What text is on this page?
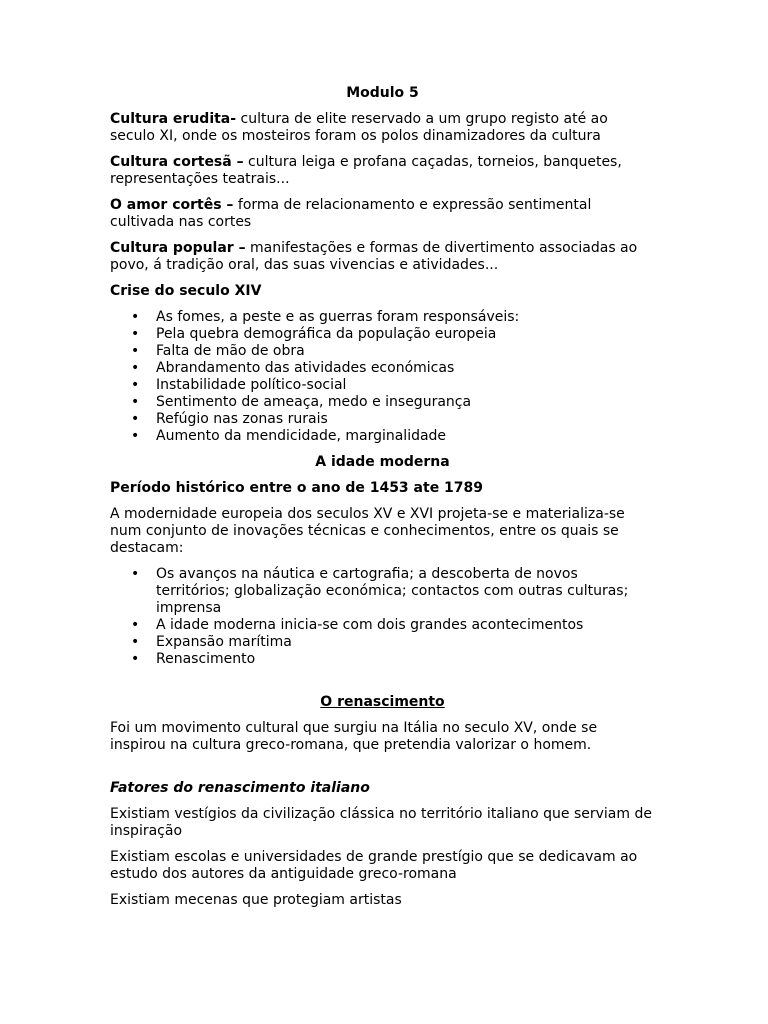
Modulo 5

Cultura erudita- cultura de elite reservado a um grupo registo até ao seculo XI, onde os mosteiros foram os polos dinamizadores da cultura

Cultura cortesã – cultura leiga e profana caçadas, torneios, banquetes, representações teatrais...

O amor cortês – forma de relacionamento e expressão sentimental cultivada nas cortes

Cultura popular – manifestações e formas de divertimento associadas ao povo, á tradição oral, das suas vivencias e atividades...

Crise do seculo XIV
• As fomes, a peste e as guerras foram responsáveis:
• Pela quebra demográfica da população europeia
• Falta de mão de obra
• Abrandamento das atividades económicas
• Instabilidade político-social
• Sentimento de ameaça, medo e insegurança
• Refúgio nas zonas rurais
• Aumento da mendicidade, marginalidade
A idade moderna
Período histórico entre o ano de 1453 ate 1789

A modernidade europeia dos seculos XV e XVI projeta-se e materializa-se num conjunto de inovações técnicas e conhecimentos, entre os quais se destacam:

• Os avanços na náutica e cartografia; a descoberta de novos territórios; globalização económica; contactos com outras culturas; imprensa
• A idade moderna inicia-se com dois grandes acontecimentos
• Expansão marítima
• Renascimento
O renascimento

Foi um movimento cultural que surgiu na Itália no seculo XV, onde se inspirou na cultura greco-romana, que pretendia valorizar o homem.

Fatores do renascimento italiano

Existiam vestígios da civilização clássica no território italiano que serviam de inspiração

Existiam escolas e universidades de grande prestígio que se dedicavam ao estudo dos autores da antiguidade greco-romana

Existiam mecenas que protegiam artistas
